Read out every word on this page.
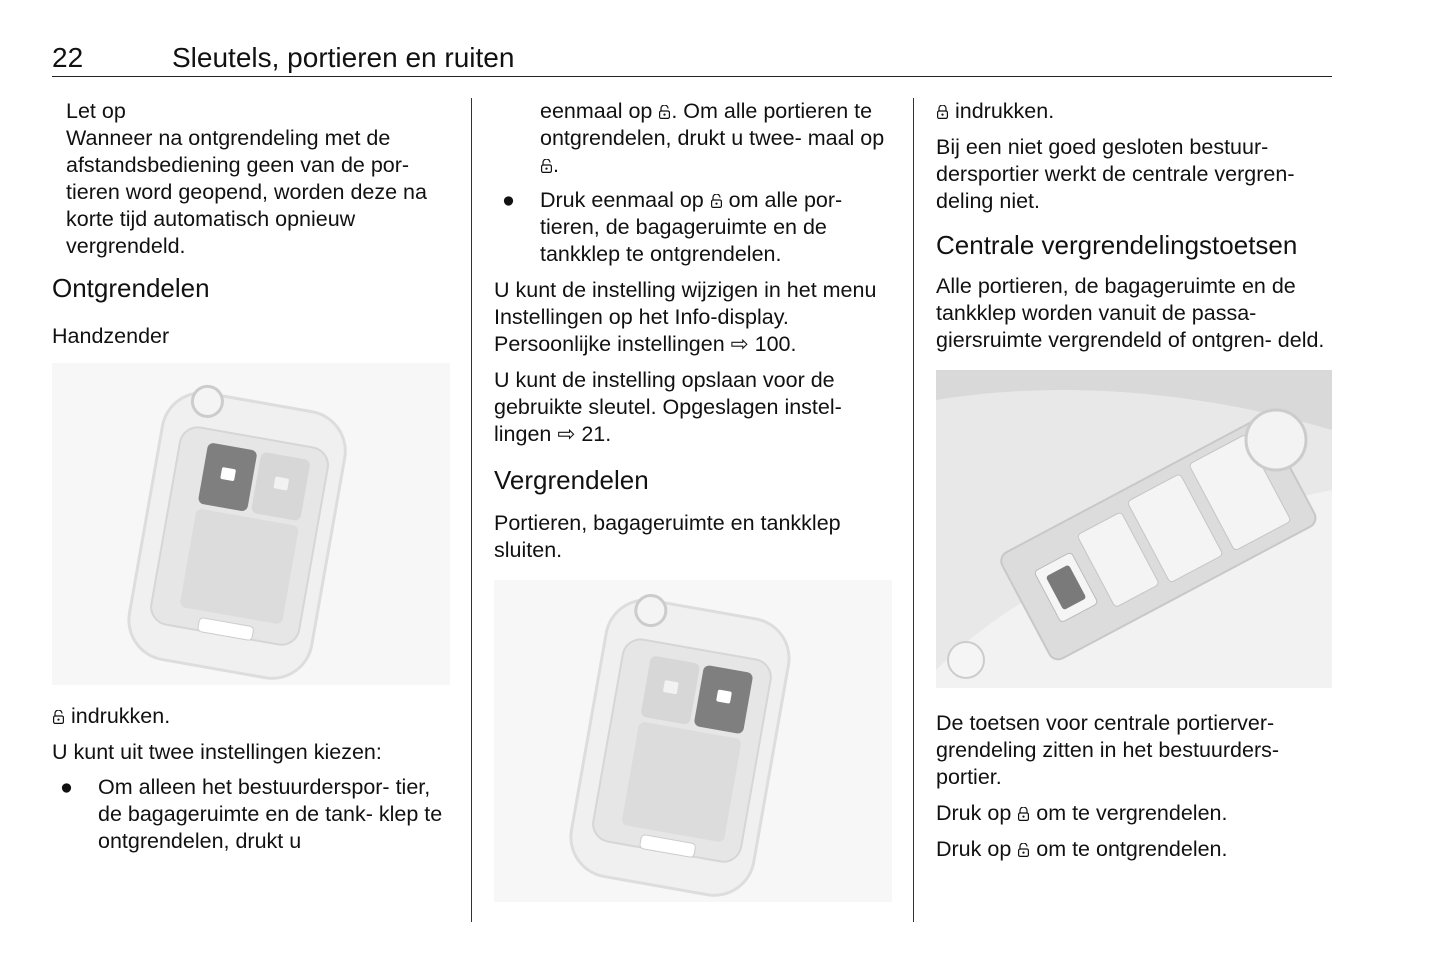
22	Sleutels, portieren en ruiten

Let op

Wanneer na ontgrendeling met de afstandsbediening geen van de por- tieren word geopend, worden deze na korte tijd automatisch opnieuw vergrendeld.

Ontgrendelen

Handzender

indrukken.

U kunt uit twee instellingen kiezen:

● Om alleen het bestuurderspor- tier, de bagageruimte en de tank- klep te ontgrendelen, drukt u

eenmaal op
. Om alle portieren te ontgrendelen, drukt u twee- maal op
.

● Druk eenmaal op
om alle por- tieren, de bagageruimte en de tankklep te ontgrendelen.

U kunt de instelling wijzigen in het menu Instellingen op het Info-display. Persoonlijke instellingen ⇨ 100.

U kunt de instelling opslaan voor de gebruikte sleutel. Opgeslagen instel- lingen ⇨ 21.

Vergrendelen

Portieren, bagageruimte en tankklep sluiten.

indrukken.

Bij een niet goed gesloten bestuur- dersportier werkt de centrale vergren- deling niet.

Centrale vergrendelingstoetsen

Alle portieren, de bagageruimte en de tankklep worden vanuit de passa- giersruimte vergrendeld of ontgren- deld.

De toetsen voor centrale portierver- grendeling zitten in het bestuurders- portier.

Druk op
om te vergrendelen.

Druk op
om te ontgrendelen.
